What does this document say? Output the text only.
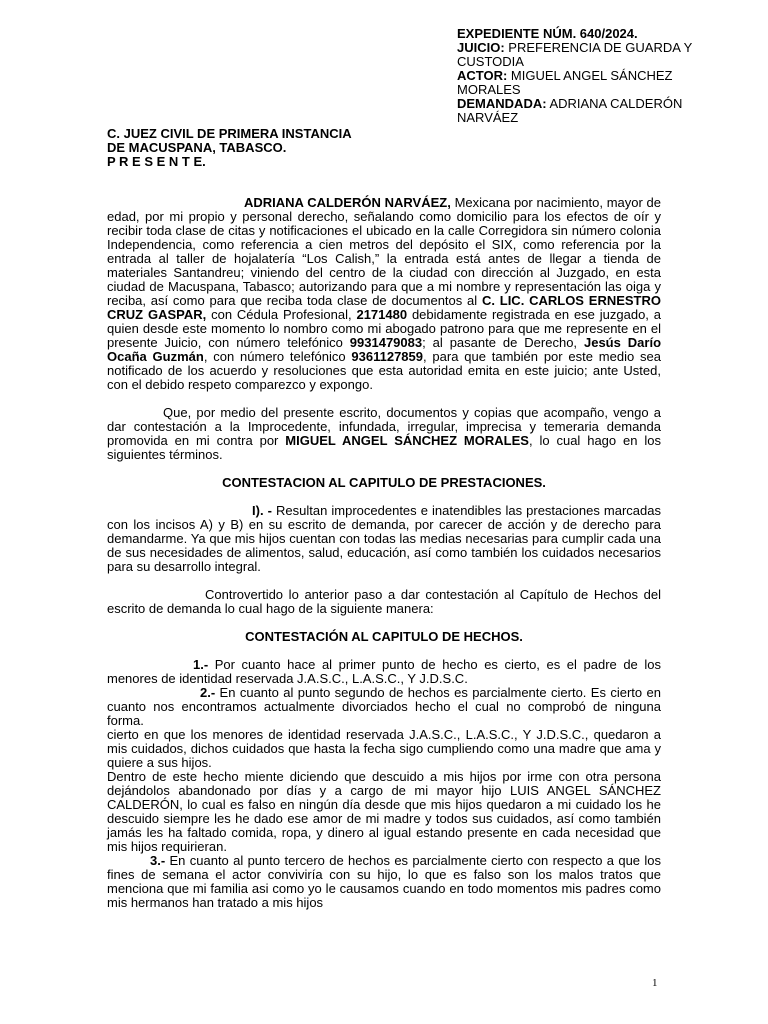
EXPEDIENTE NÚM. 640/2024.

JUICIO: PREFERENCIA DE GUARDA Y CUSTODIA

ACTOR: MIGUEL ANGEL SÁNCHEZ MORALES

DEMANDADA: ADRIANA CALDERÓN NARVÁEZ

C. JUEZ CIVIL DE PRIMERA INSTANCIA

DE MACUSPANA, TABASCO.

P R E S E N T E.

ADRIANA CALDERÓN NARVÁEZ, Mexicana por nacimiento, mayor de edad, por mi propio y personal derecho, señalando como domicilio para los efectos de oír y recibir toda clase de citas y notificaciones el ubicado en la calle Corregidora sin número colonia Independencia, como referencia a cien metros del depósito el SIX, como referencia por la entrada al taller de hojalatería “Los Calish,” la entrada está antes de llegar a tienda de materiales Santandreu; viniendo del centro de la ciudad con dirección al Juzgado, en esta ciudad de Macuspana, Tabasco; autorizando para que a mi nombre y representación las oiga y reciba, así como para que reciba toda clase de documentos al C. LIC. CARLOS ERNESTRO CRUZ GASPAR, con Cédula Profesional, 2171480 debidamente registrada en ese juzgado, a quien desde este momento lo nombro como mi abogado patrono para que me represente en el presente Juicio, con número telefónico 9931479083; al pasante de Derecho, Jesús Darío Ocaña Guzmán, con número telefónico 9361127859, para que también por este medio sea notificado de los acuerdo y resoluciones que esta autoridad emita en este juicio; ante Usted, con el debido respeto comparezco y expongo.

Que, por medio del presente escrito, documentos y copias que acompaño, vengo a dar contestación a la Improcedente, infundada, irregular, imprecisa y temeraria demanda promovida en mi contra por MIGUEL ANGEL SÁNCHEZ MORALES, lo cual hago en los siguientes términos.

CONTESTACION AL CAPITULO DE PRESTACIONES.

I). - Resultan improcedentes e inatendibles las prestaciones marcadas con los incisos A) y B) en su escrito de demanda, por carecer de acción y de derecho para demandarme. Ya que mis hijos cuentan con todas las medias necesarias para cumplir cada una de sus necesidades de alimentos, salud, educación, así como también los cuidados necesarios para su desarrollo integral.

Controvertido lo anterior paso a dar contestación al Capítulo de Hechos del escrito de demanda lo cual hago de la siguiente manera:

CONTESTACIÓN AL CAPITULO DE HECHOS.

1.- Por cuanto hace al primer punto de hecho es cierto, es el padre de los menores de identidad reservada J.A.S.C., L.A.S.C., Y J.D.S.C.

2.- En cuanto al punto segundo de hechos es parcialmente cierto. Es cierto en cuanto nos encontramos actualmente divorciados hecho el cual no comprobó de ninguna forma.

cierto en que los menores de identidad reservada J.A.S.C., L.A.S.C., Y J.D.S.C., quedaron a mis cuidados, dichos cuidados que hasta la fecha sigo cumpliendo como una madre que ama y quiere a sus hijos.

Dentro de este hecho miente diciendo que descuido a mis hijos por irme con otra persona dejándolos abandonado por días y a cargo de mi mayor hijo LUIS ANGEL SÁNCHEZ CALDERÓN, lo cual es falso en ningún día desde que mis hijos quedaron a mi cuidado los he descuido siempre les he dado ese amor de mi madre y todos sus cuidados, así como también jamás les ha faltado comida, ropa, y dinero al igual estando presente en cada necesidad que mis hijos requirieran.

3.- En cuanto al punto tercero de hechos es parcialmente cierto con respecto a que los fines de semana el actor conviviría con su hijo, lo que es falso son los malos tratos que menciona que mi familia asi como yo le causamos cuando en todo momentos mis padres como mis hermanos han tratado a mis hijos

1
